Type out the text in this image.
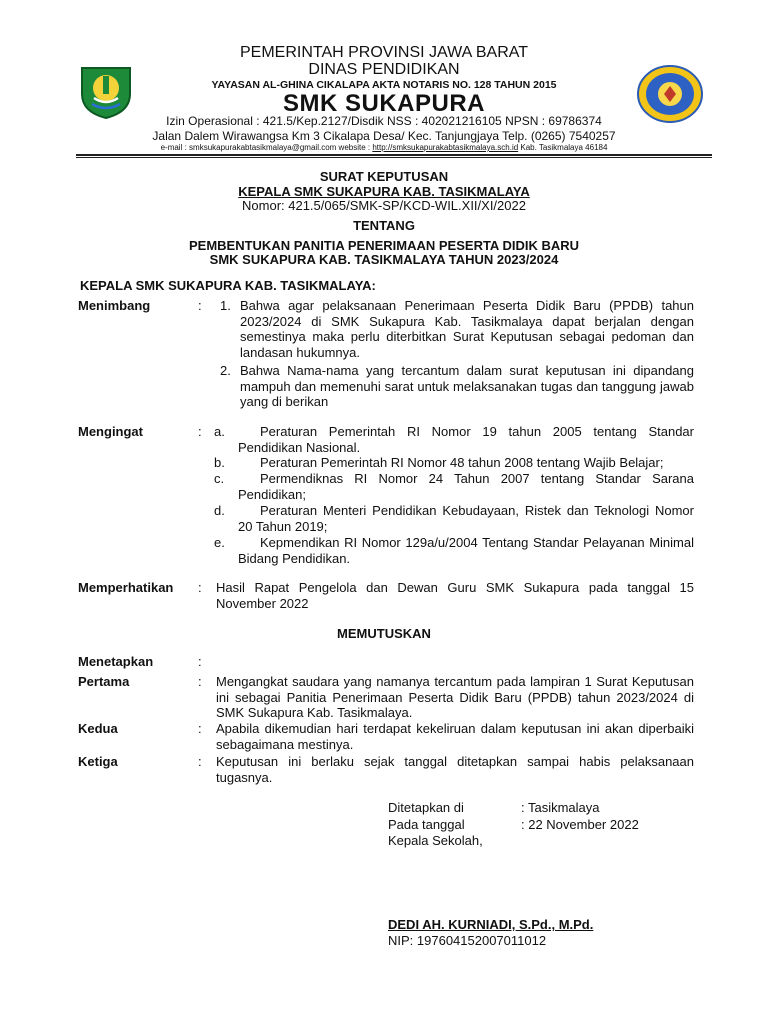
PEMERINTAH PROVINSI JAWA BARAT
DINAS PENDIDIKAN
YAYASAN AL-GHINA CIKALAPA AKTA NOTARIS NO. 128 TAHUN 2015
SMK SUKAPURA
Izin Operasional : 421.5/Kep.2127/Disdik NSS : 402021216105 NPSN : 69786374
Jalan Dalem Wirawangsa Km 3 Cikalapa Desa/ Kec. Tanjungjaya Telp. (0265) 7540257
e-mail : smksukapurakabtasikmalaya@gmail.com website : http://smksukapurakabtasikmalaya.sch.id Kab. Tasikmalaya 46184
SURAT KEPUTUSAN
KEPALA SMK SUKAPURA KAB. TASIKMALAYA
Nomor: 421.5/065/SMK-SP/KCD-WIL.XII/XI/2022
TENTANG
PEMBENTUKAN PANITIA PENERIMAAN PESERTA DIDIK BARU
SMK SUKAPURA KAB. TASIKMALAYA TAHUN 2023/2024
KEPALA SMK SUKAPURA KAB. TASIKMALAYA:
Menimbang	: 1. Bahwa agar pelaksanaan Penerimaan Peserta Didik Baru (PPDB) tahun 2023/2024 di SMK Sukapura Kab. Tasikmalaya dapat berjalan dengan semestinya maka perlu diterbitkan Surat Keputusan sebagai pedoman dan landasan hukumnya.
2. Bahwa Nama-nama yang tercantum dalam surat keputusan ini dipandang mampuh dan memenuhi sarat untuk melaksanakan tugas dan tanggung jawab yang di berikan
Mengingat	: a.	Peraturan Pemerintah RI Nomor 19 tahun 2005 tentang Standar Pendidikan Nasional.
b.	Peraturan Pemerintah RI Nomor 48 tahun 2008 tentang Wajib Belajar;
c.	Permendiknas RI Nomor 24 Tahun 2007 tentang Standar Sarana Pendidikan;
d.	Peraturan Menteri Pendidikan Kebudayaan, Ristek dan Teknologi Nomor 20 Tahun 2019;
e.	Kepmendikan RI Nomor 129a/u/2004 Tentang Standar Pelayanan Minimal Bidang Pendidikan.
Memperhatikan : Hasil Rapat Pengelola dan Dewan Guru SMK Sukapura pada tanggal 15 November 2022
MEMUTUSKAN
Menetapkan	:
Pertama	: Mengangkat saudara yang namanya tercantum pada lampiran 1 Surat Keputusan ini sebagai Panitia Penerimaan Peserta Didik Baru (PPDB) tahun 2023/2024 di SMK Sukapura Kab. Tasikmalaya.
Kedua	: Apabila dikemudian hari terdapat kekeliruan dalam keputusan ini akan diperbaiki sebagaimana mestinya.
Ketiga	: Keputusan ini berlaku sejak tanggal ditetapkan sampai habis pelaksanaan tugasnya.
Ditetapkan di	: Tasikmalaya
Pada tanggal	: 22 November 2022
Kepala Sekolah,
DEDI AH. KURNIADI, S.Pd., M.Pd.
NIP: 197604152007011012
